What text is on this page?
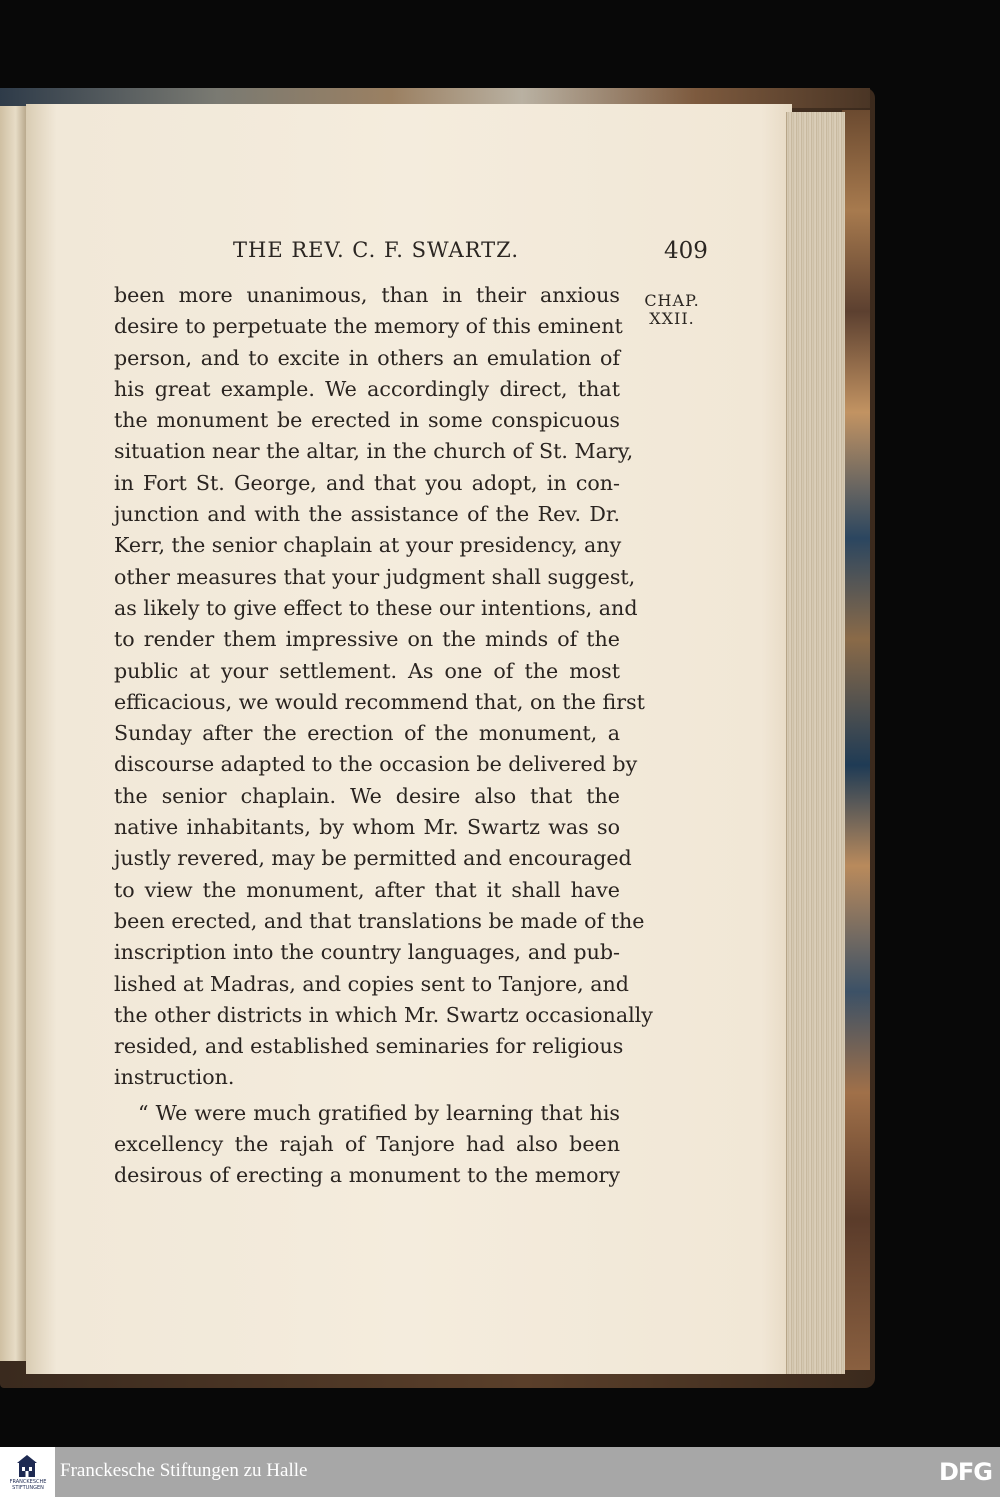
THE REV. C. F. SWARTZ.	409
CHAP.
XXII.
been more unanimous, than in their anxious
desire to perpetuate the memory of this eminent
person, and to excite in others an emulation of
his great example. We accordingly direct, that
the monument be erected in some conspicuous
situation near the altar, in the church of St. Mary,
in Fort St. George, and that you adopt, in con-
junction and with the assistance of the Rev. Dr.
Kerr, the senior chaplain at your presidency, any
other measures that your judgment shall suggest,
as likely to give effect to these our intentions, and
to render them impressive on the minds of the
public at your settlement. As one of the most
efficacious, we would recommend that, on the first
Sunday after the erection of the monument, a
discourse adapted to the occasion be delivered by
the senior chaplain. We desire also that the
native inhabitants, by whom Mr. Swartz was so
justly revered, may be permitted and encouraged
to view the monument, after that it shall have
been erected, and that translations be made of the
inscription into the country languages, and pub-
lished at Madras, and copies sent to Tanjore, and
the other districts in which Mr. Swartz occasionally
resided, and established seminaries for religious
instruction.
“ We were much gratified by learning that his
excellency the rajah of Tanjore had also been
desirous of erecting a monument to the memory
FRANCKESCHE STIFTUNGEN
Franckesche Stiftungen zu Halle	DFG
